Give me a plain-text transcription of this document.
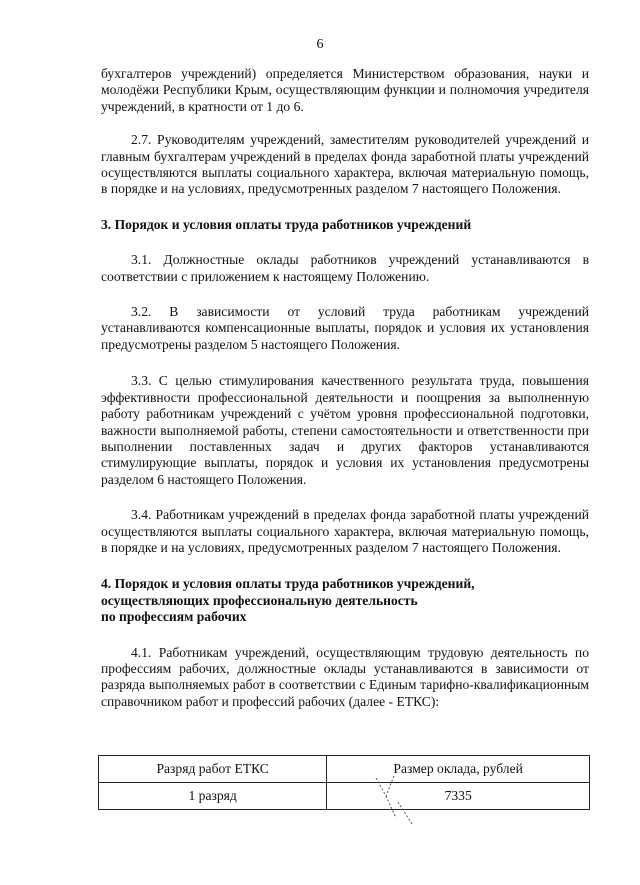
6

бухгалтеров учреждений) определяется Министерством образования, науки и молодёжи Республики Крым, осуществляющим функции и полномочия учредителя учреждений, в кратности от 1 до 6.

2.7. Руководителям учреждений, заместителям руководителей учреждений и главным бухгалтерам учреждений в пределах фонда заработной платы учреждений осуществляются выплаты социального характера, включая материальную помощь, в порядке и на условиях, предусмотренных разделом 7 настоящего Положения.

3. Порядок и условия оплаты труда работников учреждений

3.1. Должностные оклады работников учреждений устанавливаются в соответствии с приложением к настоящему Положению.

3.2. В зависимости от условий труда работникам учреждений устанавливаются компенсационные выплаты, порядок и условия их установления предусмотрены разделом 5 настоящего Положения.

3.3. С целью стимулирования качественного результата труда, повышения эффективности профессиональной деятельности и поощрения за выполненную работу работникам учреждений с учётом уровня профессиональной подготовки, важности выполняемой работы, степени самостоятельности и ответственности при выполнении поставленных задач и других факторов устанавливаются стимулирующие выплаты, порядок и условия их установления предусмотрены разделом 6 настоящего Положения.

3.4. Работникам учреждений в пределах фонда заработной платы учреждений осуществляются выплаты социального характера, включая материальную помощь, в порядке и на условиях, предусмотренных разделом 7 настоящего Положения.

4. Порядок и условия оплаты труда работников учреждений,
осуществляющих профессиональную деятельность
по профессиям рабочих

4.1. Работникам учреждений, осуществляющим трудовую деятельность по профессиям рабочих, должностные оклады устанавливаются в зависимости от разряда выполняемых работ в соответствии с Единым тарифно-квалификационным справочником работ и профессий рабочих (далее - ЕТКС):

Разряд работ ЕТКС	Размер оклада, рублей
1 разряд	7335
